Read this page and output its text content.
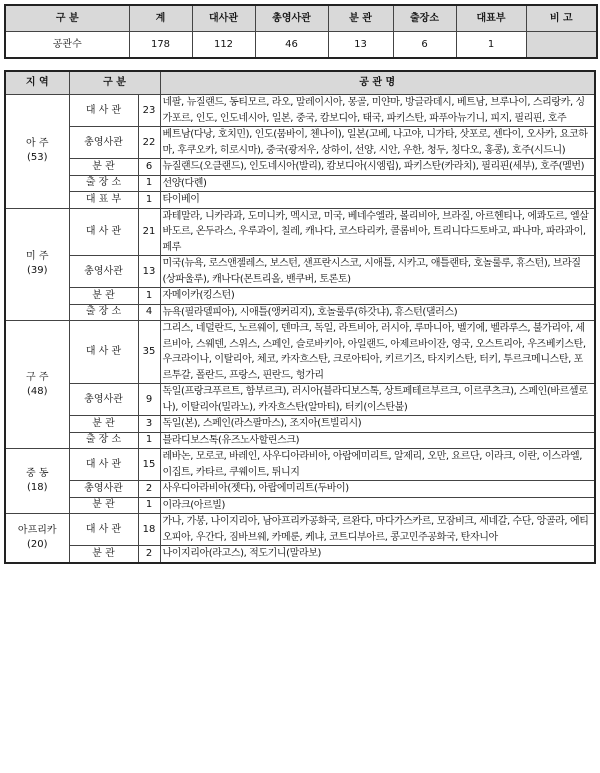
구 분	계	대사관	총영사관	분 관	출장소	대표부	비 고
공관수	178	112	46	13	6	1	
지 역	구 분		공 관 명
아 주
(53)	대 사 관	23	네팔, 뉴질랜드, 동티모르, 라오, 말레이시아, 몽골, 미얀마, 방글라데시, 베트남, 브루나이, 스리랑카, 싱가포르, 인도, 인도네시아, 일본, 중국, 캄보디아, 태국, 파키스탄, 파푸아뉴기니, 피지, 필리핀, 호주
	총영사관	22	베트남(다낭, 호치민), 인도(뭄바이, 첸나이), 일본(고베, 나고야, 니가타, 삿포로, 센다이, 오사카, 요코하마, 후쿠오카, 히로시마), 중국(광저우, 상하이, 선양, 시안, 우한, 청두, 칭다오, 홍콩), 호주(시드니)
	분 관	6	뉴질랜드(오클랜드), 인도네시아(발리), 캄보디아(시엠립), 파키스탄(카라치), 필리핀(세부), 호주(멜번)
	출 장 소	1	선양(다롄)
	대 표 부	1	타이베이
미 주
(39)	대 사 관	21	과테말라, 니카라과, 도미니카, 멕시코, 미국, 베네수엘라, 볼리비아, 브라질, 아르헨티나, 에콰도르, 엘살바도르, 온두라스, 우루과이, 칠레, 캐나다, 코스타리카, 콜롬비아, 트리니다드토바고, 파나마, 파라과이, 페루
	총영사관	13	미국(뉴욕, 로스앤젤레스, 보스턴, 샌프란시스코, 시애틀, 시카고, 애틀랜타, 호놀룰루, 휴스턴), 브라질(상파울루), 캐나다(몬트리올, 밴쿠버, 토론토)
	분 관	1	자메이카(킹스턴)
	출 장 소	4	뉴욕(필라델피아), 시애틀(앵커리지), 호놀룰루(하갓냐), 휴스턴(댈러스)
구 주
(48)	대 사 관	35	그리스, 네덜란드, 노르웨이, 덴마크, 독일, 라트비아, 러시아, 루마니아, 벨기에, 벨라루스, 불가리아, 세르비아, 스웨덴, 스위스, 스페인, 슬로바키아, 아일랜드, 아제르바이잔, 영국, 오스트리아, 우즈베키스탄, 우크라이나, 이탈리아, 체코, 카자흐스탄, 크로아티아, 키르기즈, 타지키스탄, 터키, 투르크메니스탄, 포르투갈, 폴란드, 프랑스, 핀란드, 헝가리
	총영사관	9	독일(프랑크푸르트, 함부르크), 러시아(블라디보스톡, 상트페테르부르크, 이르쿠츠크), 스페인(바르셀로나), 이탈리아(밀라노), 카자흐스탄(알마티), 터키(이스탄불)
	분 관	3	독일(본), 스페인(라스팔마스), 조지아(트빌리시)
	출 장 소	1	블라디보스톡(유즈노사할린스크)
중 동
(18)	대 사 관	15	레바논, 모로코, 바레인, 사우디아라비아, 아랍에미리트, 알제리, 오만, 요르단, 이라크, 이란, 이스라엘, 이집트, 카타르, 쿠웨이트, 튀니지
	총영사관	2	사우디아라비아(젯다), 아랍에미리트(두바이)
	분 관	1	이라크(아르빌)
아프리카
(20)	대 사 관	18	가나, 가봉, 나이지리아, 남아프리카공화국, 르완다, 마다가스카르, 모잠비크, 세네갈, 수단, 앙골라, 에티오피아, 우간다, 짐바브웨, 카메룬, 케냐, 코트디부아르, 콩고민주공화국, 탄자니아
	분 관	2	나이지리아(라고스), 적도기니(말라보)
